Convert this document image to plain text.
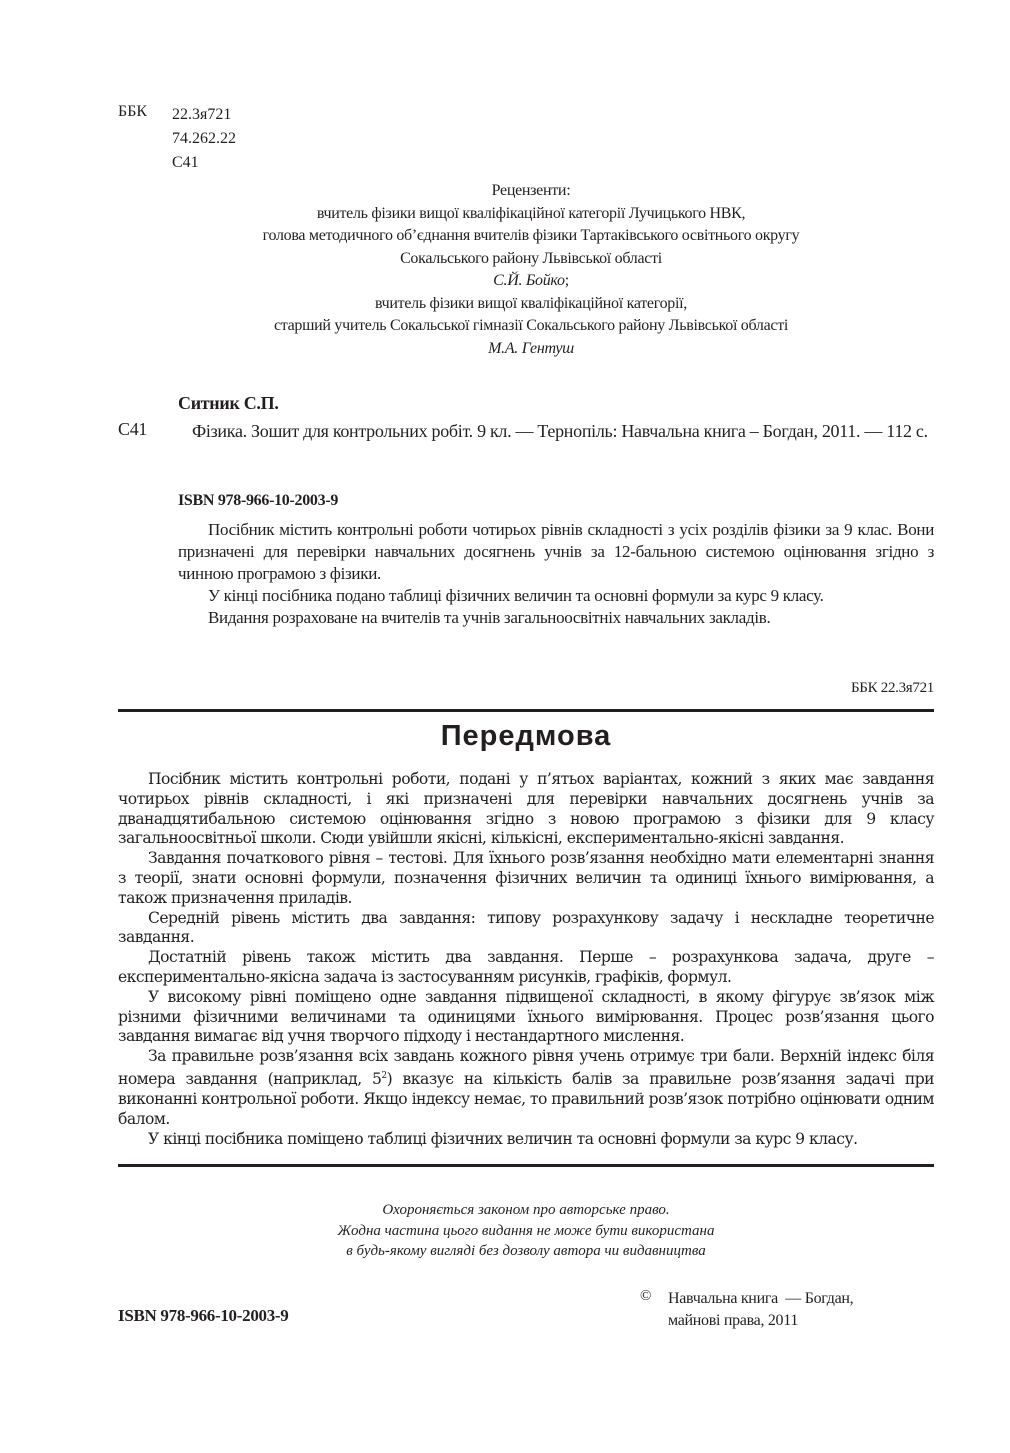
ББК 22.3я721
74.262.22
С41
Рецензенти:
вчитель фізики вищої кваліфікаційної категорії Лучицького НВК,
голова методичного об’єднання вчителів фізики Тартаківського освітнього округу
Сокальського району Львівської області
С.Й. Бойко;
вчитель фізики вищої кваліфікаційної категорії,
старший учитель Сокальської гімназії Сокальського району Львівської області
М.А. Гентуш
Ситник С.П.
С41	Фізика. Зошит для контрольних робіт. 9 кл. — Тернопіль: Навчальна книга – Богдан, 2011. — 112 с.
ISBN 978-966-10-2003-9

Посібник містить контрольні роботи чотирьох рівнів складності з усіх розділів фізики за 9 клас. Вони призначені для перевірки навчальних досягнень учнів за 12-бальною системою оцінювання згідно з чинною програмою з фізики.

У кінці посібника подано таблиці фізичних величин та основні формули за курс 9 класу.

Видання розраховане на вчителів та учнів загальноосвітніх навчальних закладів.

ББК 22.3я721
Передмова

Посібник містить контрольні роботи, подані у п’ятьох варіантах, кожний з яких має завдання чотирьох рівнів складності, і які призначені для перевірки навчальних досягнень учнів за дванадцятибальною системою оцінювання згідно з новою програмою з фізики для 9 класу загальноосвітньої школи. Сюди увійшли якісні, кількісні, експериментально-якісні завдання.

Завдання початкового рівня – тестові. Для їхнього розв’язання необхідно мати елементарні знання з теорії, знати основні формули, позначення фізичних величин та одиниці їхнього вимірювання, а також призначення приладів.

Середній рівень містить два завдання: типову розрахункову задачу і нескладне теоретичне завдання.

Достатній рівень також містить два завдання. Перше – розрахункова задача, друге – експериментально-якісна задача із застосуванням рисунків, графіків, формул.

У високому рівні поміщено одне завдання підвищеної складності, в якому фігурує зв’язок між різними фізичними величинами та одиницями їхнього вимірювання. Процес розв’язання цього завдання вимагає від учня творчого підходу і нестандартного мислення.

За правильне розв’язання всіх завдань кожного рівня учень отримує три бали. Верхній індекс біля номера завдання (наприклад, $5^2$) вказує на кількість балів за правильне розв’язання задачі при виконанні контрольної роботи. Якщо індексу немає, то правильний розв’язок потрібно оцінювати одним балом.

У кінці посібника поміщено таблиці фізичних величин та основні формули за курс 9 класу.

Охороняється законом про авторське право.
Жодна частина цього видання не може бути використана
в будь-якому вигляді без дозволу автора чи видавництва
ISBN 978-966-10-2003-9
© Навчальна книга  — Богдан,
майнові права, 2011
